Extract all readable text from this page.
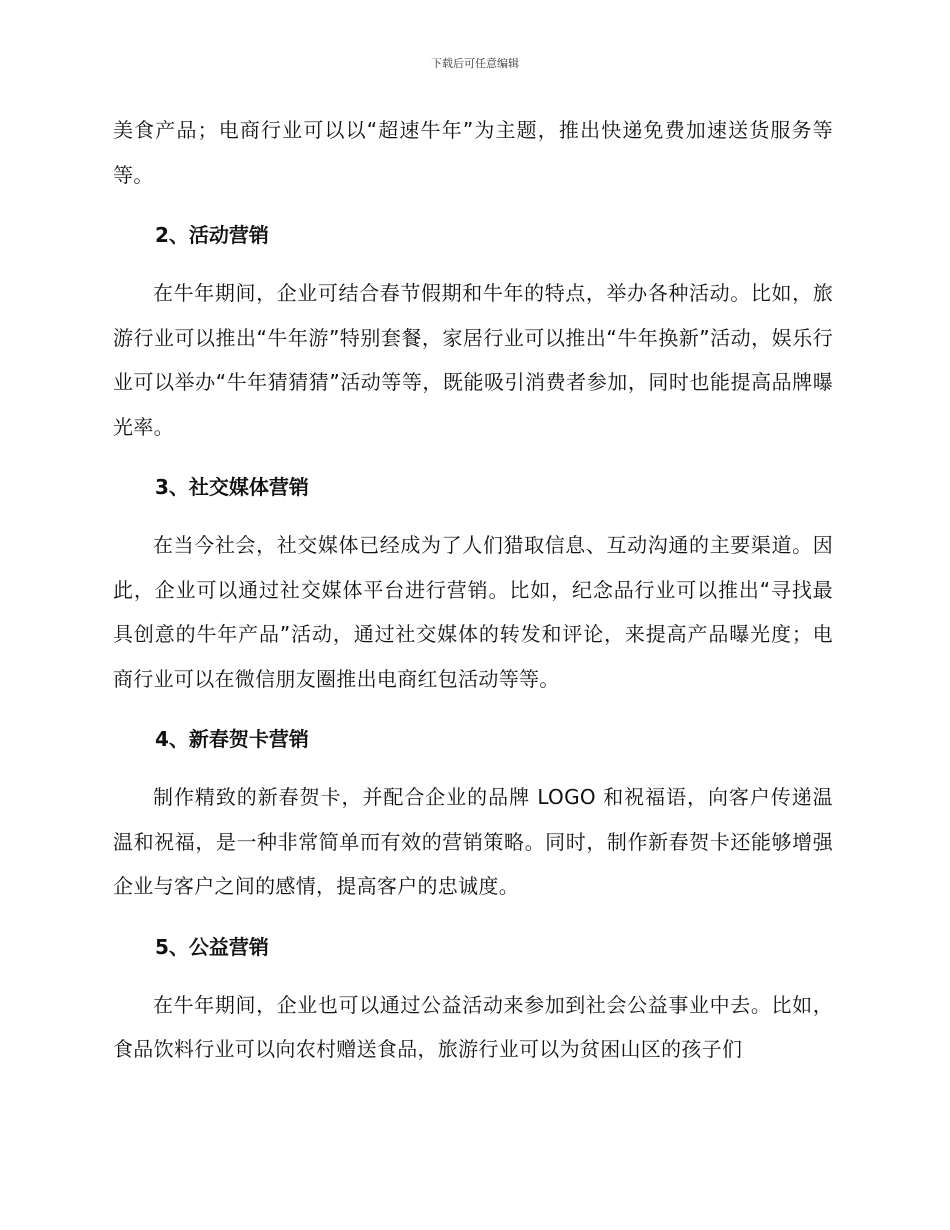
下载后可任意编辑

美食产品；电商行业可以以“超速牛年”为主题，推出快递免费加速送货服务等等。

2、活动营销

在牛年期间，企业可结合春节假期和牛年的特点，举办各种活动。比如，旅游行业可以推出“牛年游”特别套餐，家居行业可以推出“牛年换新”活动，娱乐行业可以举办“牛年猜猜猜”活动等等，既能吸引消费者参加，同时也能提高品牌曝光率。

3、社交媒体营销

在当今社会，社交媒体已经成为了人们猎取信息、互动沟通的主要渠道。因此，企业可以通过社交媒体平台进行营销。比如，纪念品行业可以推出“寻找最具创意的牛年产品”活动，通过社交媒体的转发和评论，来提高产品曝光度；电商行业可以在微信朋友圈推出电商红包活动等等。

4、新春贺卡营销

制作精致的新春贺卡，并配合企业的品牌 LOGO 和祝福语，向客户传递温温和祝福，是一种非常简单而有效的营销策略。同时，制作新春贺卡还能够增强企业与客户之间的感情，提高客户的忠诚度。

5、公益营销

在牛年期间，企业也可以通过公益活动来参加到社会公益事业中去。比如，食品饮料行业可以向农村赠送食品，旅游行业可以为贫困山区的孩子们
